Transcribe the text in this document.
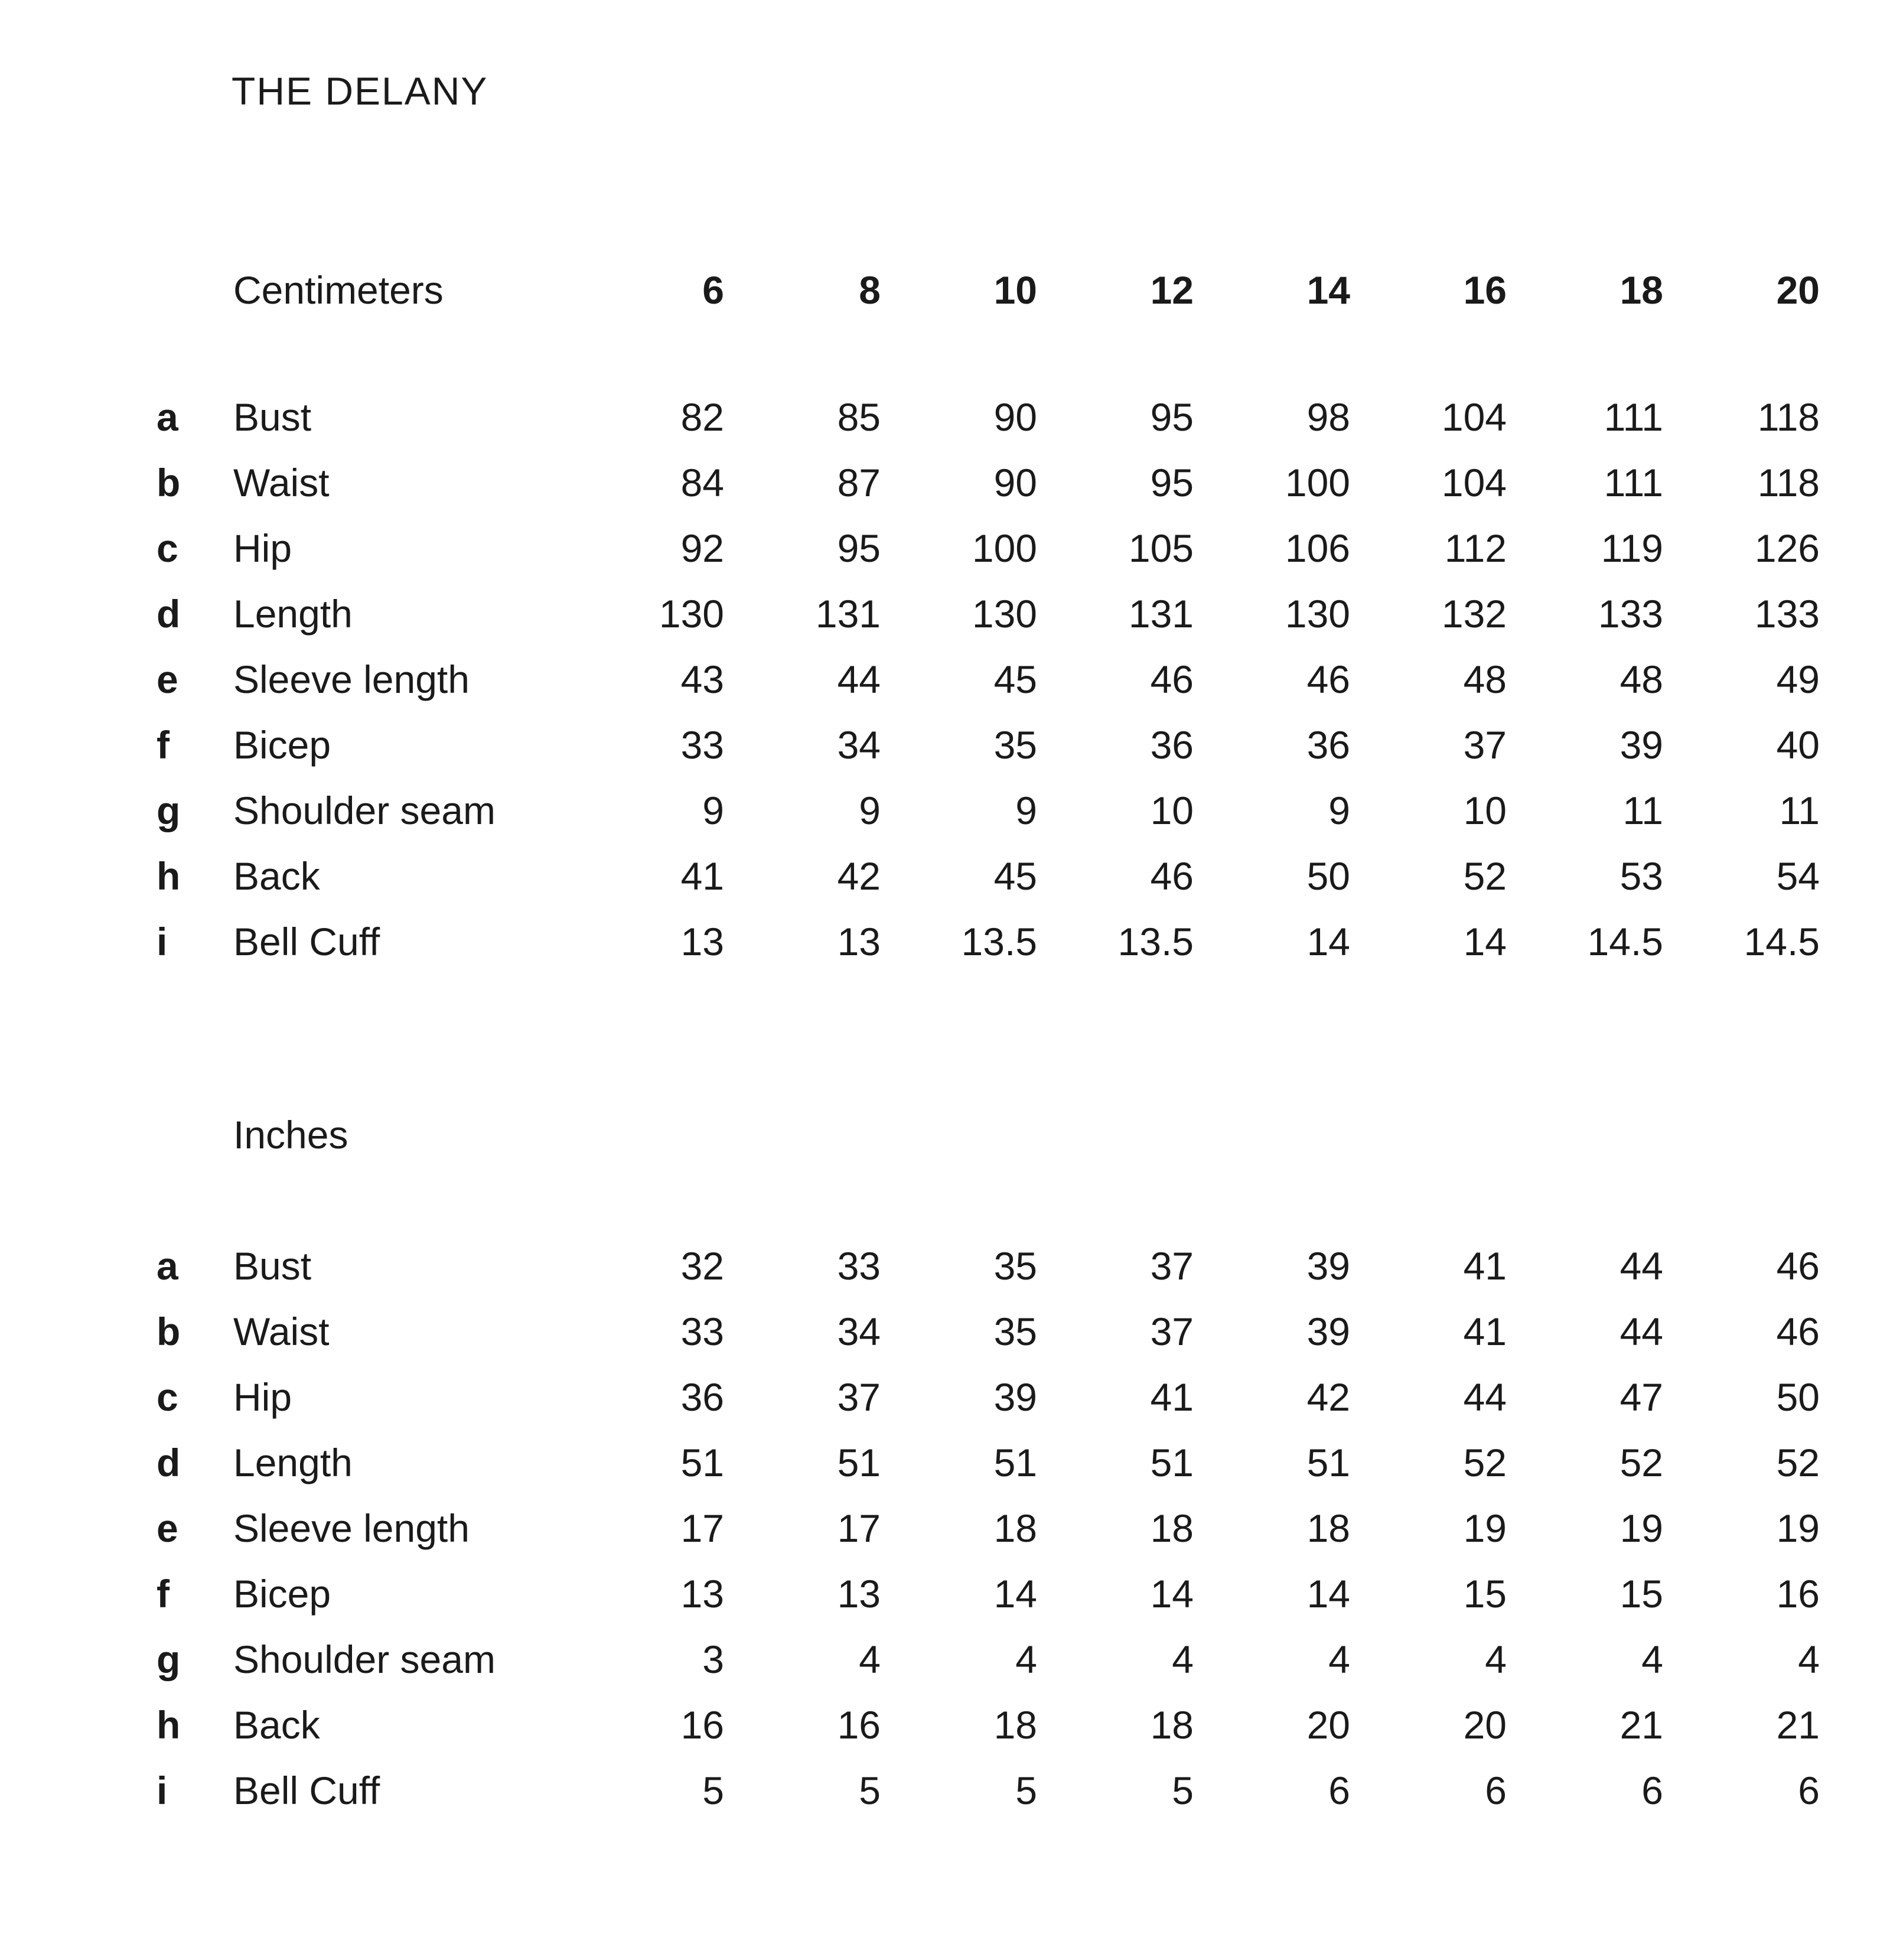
THE DELANY
Centimeters	6	8	10	12	14	16	18	20
a	Bust	82	85	90	95	98	104	111	118
b	Waist	84	87	90	95	100	104	111	118
c	Hip	92	95	100	105	106	112	119	126
d	Length	130	131	130	131	130	132	133	133
e	Sleeve length	43	44	45	46	46	48	48	49
f	Bicep	33	34	35	36	36	37	39	40
g	Shoulder seam	9	9	9	10	9	10	11	11
h	Back	41	42	45	46	50	52	53	54
i	Bell Cuff	13	13	13.5	13.5	14	14	14.5	14.5
Inches
a	Bust	32	33	35	37	39	41	44	46
b	Waist	33	34	35	37	39	41	44	46
c	Hip	36	37	39	41	42	44	47	50
d	Length	51	51	51	51	51	52	52	52
e	Sleeve length	17	17	18	18	18	19	19	19
f	Bicep	13	13	14	14	14	15	15	16
g	Shoulder seam	3	4	4	4	4	4	4	4
h	Back	16	16	18	18	20	20	21	21
i	Bell Cuff	5	5	5	5	6	6	6	6
